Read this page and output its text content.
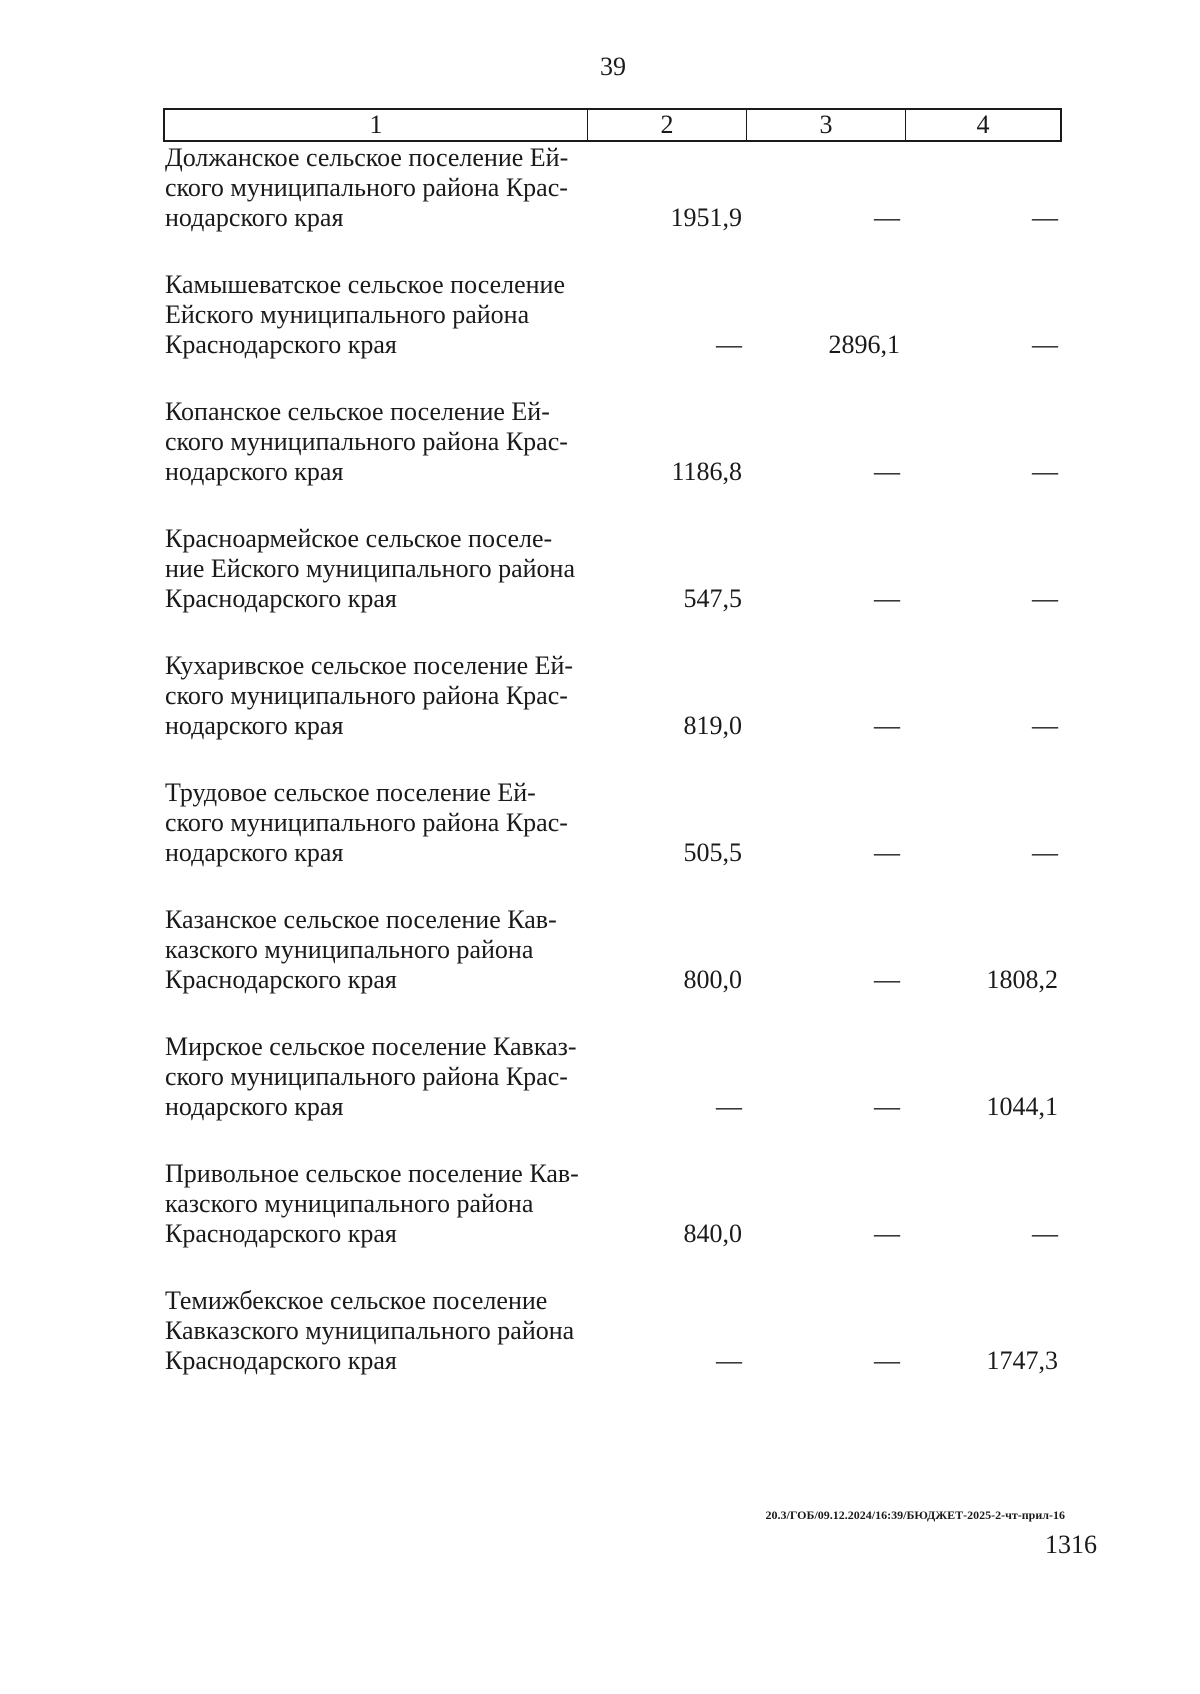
39
1	2	3	4
Должанское сельское поселение Ей-
ского муниципального района Крас-
нодарского края	1951,9	—	—
Камышеватское сельское поселение
Ейского муниципального района
Краснодарского края	—	2896,1	—
Копанское сельское поселение Ей-
ского муниципального района Крас-
нодарского края	1186,8	—	—
Красноармейское сельское поселе-
ние Ейского муниципального района
Краснодарского края	547,5	—	—
Кухаривское сельское поселение Ей-
ского муниципального района Крас-
нодарского края	819,0	—	—
Трудовое сельское поселение Ей-
ского муниципального района Крас-
нодарского края	505,5	—	—
Казанское сельское поселение Кав-
казского муниципального района
Краснодарского края	800,0	—	1808,2
Мирское сельское поселение Кавказ-
ского муниципального района Крас-
нодарского края	—	—	1044,1
Привольное сельское поселение Кав-
казского муниципального района
Краснодарского края	840,0	—	—
Темижбекское сельское поселение
Кавказского муниципального района
Краснодарского края	—	—	1747,3
20.3/ГОБ/09.12.2024/16:39/БЮДЖЕТ-2025-2-чт-прил-16
1316
